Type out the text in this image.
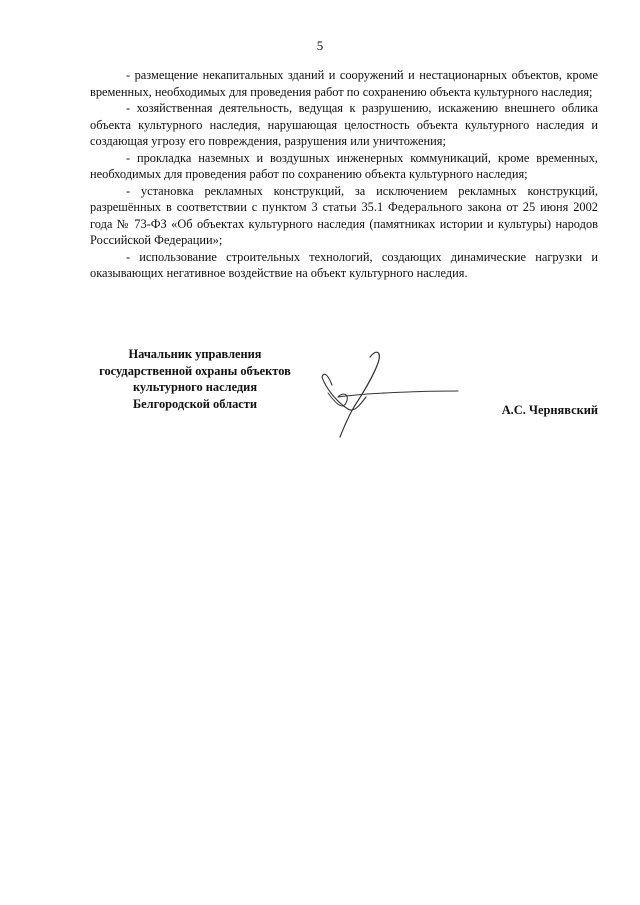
5

- размещение некапитальных зданий и сооружений и нестационарных объектов, кроме временных, необходимых для проведения работ по сохранению объекта культурного наследия;

- хозяйственная деятельность, ведущая к разрушению, искажению внешнего облика объекта культурного наследия, нарушающая целостность объекта культурного наследия и создающая угрозу его повреждения, разрушения или уничтожения;

- прокладка наземных и воздушных инженерных коммуникаций, кроме временных, необходимых для проведения работ по сохранению объекта культурного наследия;

- установка рекламных конструкций, за исключением рекламных конструкций, разрешённых в соответствии с пунктом 3 статьи 35.1 Федерального закона от 25 июня 2002 года № 73-ФЗ «Об объектах культурного наследия (памятниках истории и культуры) народов Российской Федерации»;

- использование строительных технологий, создающих динамические нагрузки и оказывающих негативное воздействие на объект культурного наследия.

Начальник управления
государственной охраны объектов
культурного наследия
Белгородской области	А.С. Чернявский
